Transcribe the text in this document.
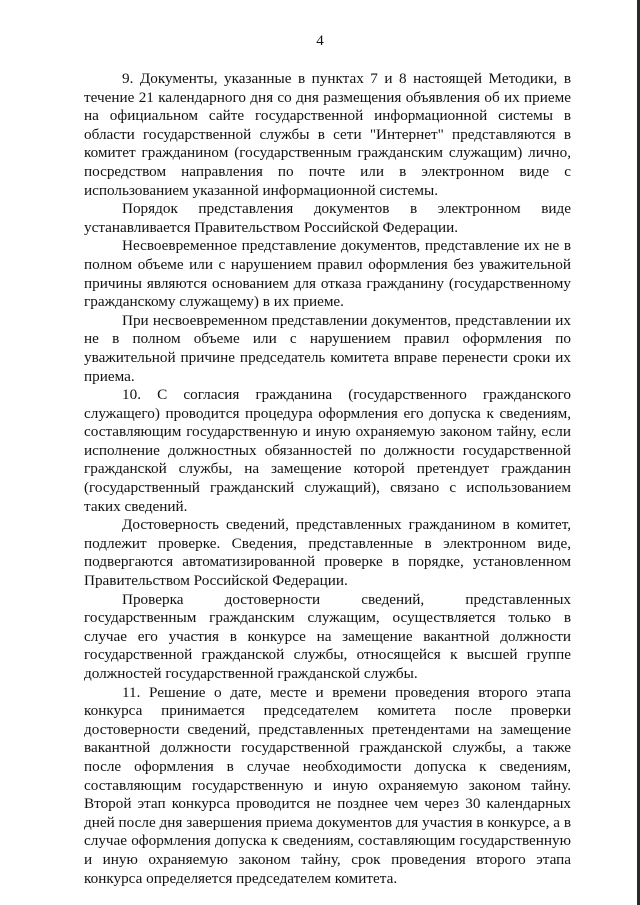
4

9. Документы, указанные в пунктах 7 и 8 настоящей Методики, в течение 21 календарного дня со дня размещения объявления об их приеме на официальном сайте государственной информационной системы в области государственной службы в сети "Интернет" представляются в комитет гражданином (государственным гражданским служащим) лично, посредством направления по почте или в электронном виде с использованием указанной информационной системы.

Порядок представления документов в электронном виде устанавливается Правительством Российской Федерации.

Несвоевременное представление документов, представление их не в полном объеме или с нарушением правил оформления без уважительной причины являются основанием для отказа гражданину (государственному гражданскому служащему) в их приеме.

При несвоевременном представлении документов, представлении их не в полном объеме или с нарушением правил оформления по уважительной причине председатель комитета вправе перенести сроки их приема.

10. С согласия гражданина (государственного гражданского служащего) проводится процедура оформления его допуска к сведениям, составляющим государственную и иную охраняемую законом тайну, если исполнение должностных обязанностей по должности государственной гражданской службы, на замещение которой претендует гражданин (государственный гражданский служащий), связано с использованием таких сведений.

Достоверность сведений, представленных гражданином в комитет, подлежит проверке. Сведения, представленные в электронном виде, подвергаются автоматизированной проверке в порядке, установленном Правительством Российской Федерации.

Проверка достоверности сведений, представленных государственным гражданским служащим, осуществляется только в случае его участия в конкурсе на замещение вакантной должности государственной гражданской службы, относящейся к высшей группе должностей государственной гражданской службы.

11. Решение о дате, месте и времени проведения второго этапа конкурса принимается председателем комитета после проверки достоверности сведений, представленных претендентами на замещение вакантной должности государственной гражданской службы, а также после оформления в случае необходимости допуска к сведениям, составляющим государственную и иную охраняемую законом тайну. Второй этап конкурса проводится не позднее чем через 30 календарных дней после дня завершения приема документов для участия в конкурсе, а в случае оформления допуска к сведениям, составляющим государственную и иную охраняемую законом тайну, срок проведения второго этапа конкурса определяется председателем комитета.
